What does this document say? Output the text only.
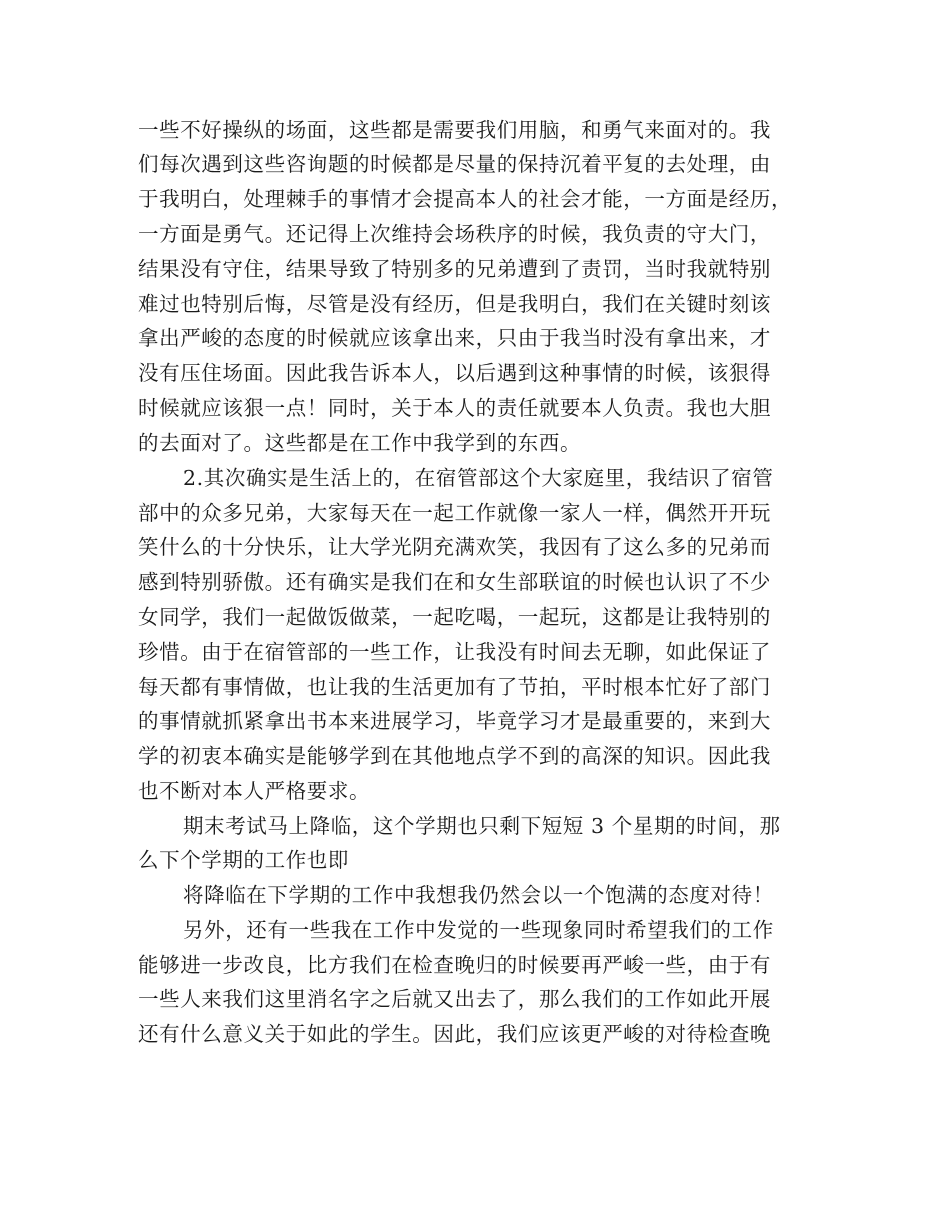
一些不好操纵的场面，这些都是需要我们用脑，和勇气来面对的。我
们每次遇到这些咨询题的时候都是尽量的保持沉着平复的去处理，由
于我明白，处理棘手的事情才会提高本人的社会才能，一方面是经历，
一方面是勇气。还记得上次维持会场秩序的时候，我负责的守大门，
结果没有守住，结果导致了特别多的兄弟遭到了责罚，当时我就特别
难过也特别后悔，尽管是没有经历，但是我明白，我们在关键时刻该
拿出严峻的态度的时候就应该拿出来，只由于我当时没有拿出来，才
没有压住场面。因此我告诉本人，以后遇到这种事情的时候，该狠得
时候就应该狠一点！同时，关于本人的责任就要本人负责。我也大胆
的去面对了。这些都是在工作中我学到的东西。
2.其次确实是生活上的，在宿管部这个大家庭里，我结识了宿管
部中的众多兄弟，大家每天在一起工作就像一家人一样，偶然开开玩
笑什么的十分快乐，让大学光阴充满欢笑，我因有了这么多的兄弟而
感到特别骄傲。还有确实是我们在和女生部联谊的时候也认识了不少
女同学，我们一起做饭做菜，一起吃喝，一起玩，这都是让我特别的
珍惜。由于在宿管部的一些工作，让我没有时间去无聊，如此保证了
每天都有事情做，也让我的生活更加有了节拍，平时根本忙好了部门
的事情就抓紧拿出书本来进展学习，毕竟学习才是最重要的，来到大
学的初衷本确实是能够学到在其他地点学不到的高深的知识。因此我
也不断对本人严格要求。
期末考试马上降临，这个学期也只剩下短短 3 个星期的时间，那
么下个学期的工作也即
将降临在下学期的工作中我想我仍然会以一个饱满的态度对待！
另外，还有一些我在工作中发觉的一些现象同时希望我们的工作
能够进一步改良，比方我们在检查晚归的时候要再严峻一些，由于有
一些人来我们这里消名字之后就又出去了，那么我们的工作如此开展
还有什么意义关于如此的学生。因此，我们应该更严峻的对待检查晚
